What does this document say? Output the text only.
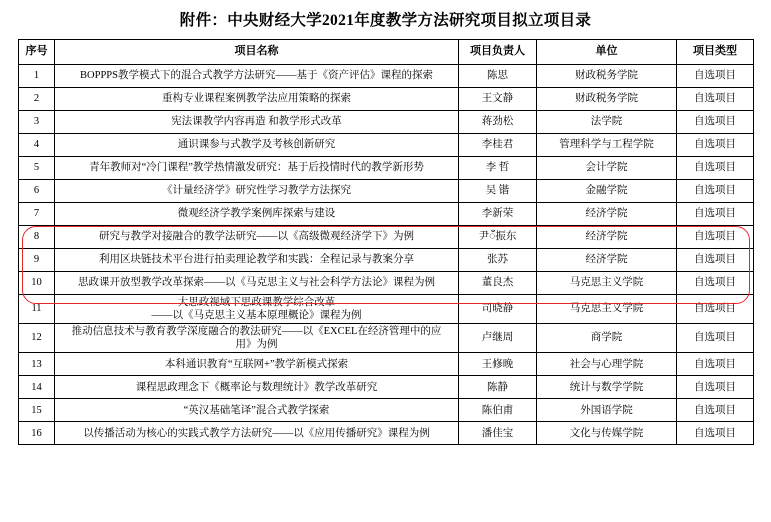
附件：中央财经大学2021年度教学方法研究项目拟立项目录
序号	项目名称	项目负责人	单位	项目类型
1	BOPPPS教学模式下的混合式教学方法研究——基于《资产评估》课程的探索	陈思	财政税务学院	自选项目
2	重构专业课程案例教学法应用策略的探索	王文静	财政税务学院	自选项目
3	宪法课教学内容再造 和教学形式改革	蒋劲松	法学院	自选项目
4	通识课参与式教学及考核创新研究	李桂君	管理科学与工程学院	自选项目
5	青年教师对“冷门课程”教学热情激发研究：基于后投情时代的教学新形势	李 哲	会计学院	自选项目
6	《计量经济学》研究性学习教学方法探究	吴 锴	金融学院	自选项目
7	微观经济学教学案例库探索与建设	李新荣	经济学院	自选项目
8	研究与教学对接融合的教学法研究——以《高级微观经济学下》为例	尹ँ振东	经济学院	自选项目
9	利用区块链技术平台进行拍卖理论教学和实践：全程记录与教案分享	张苏	经济学院	自选项目
10	思政课开放型教学改革探索——以《马克思主义与社会科学方法论》课程为例	董良杰	马克思主义学院	自选项目
11	大思政视域下思政课教学综合改革
——以《马克思主义基本原理概论》课程为例	司晓静	马克思主义学院	自选项目
12	推动信息技术与教育教学深度融合的教法研究——以《EXCEL在经济管理中的应
用》为例	卢继周	商学院	自选项目
13	本科通识教育“互联网+”教学新模式探索	王修晚	社会与心理学院	自选项目
14	课程思政理念下《概率论与数理统计》教学改革研究	陈静	统计与数学学院	自选项目
15	“英汉基础笔译”混合式教学探索	陈伯甫	外国语学院	自选项目
16	以传播活动为核心的实践式教学方法研究——以《应用传播研究》课程为例	潘佳宝	文化与传媒学院	自选项目
